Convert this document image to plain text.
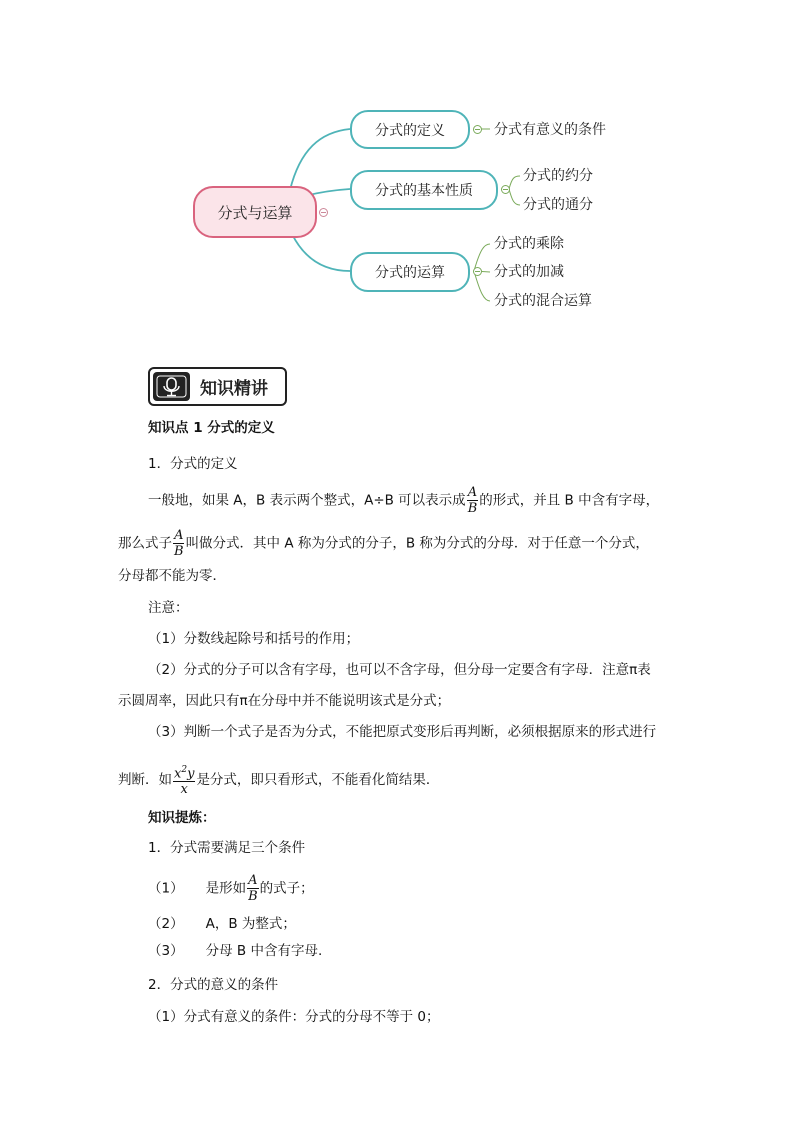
分式与运算
分式的定义	分式有意义的条件
分式的基本性质
分式的约分
分式的通分
分式的运算
分式的乘除
分式的加减
分式的混合运算
知识精讲
知识点 1 分式的定义
1．分式的定义
一般地，如果 A，B 表示两个整式，A÷B 可以表示成 $\frac{A}{B}$ 的形式，并且 B 中含有字母，
那么式子 $\frac{A}{B}$ 叫做分式．其中 A 称为分式的分子，B 称为分式的分母．对于任意一个分式，
分母都不能为零．
注意：
（1）分数线起除号和括号的作用；
（2）分式的分子可以含有字母，也可以不含字母，但分母一定要含有字母．注意π表
示圆周率，因此只有π在分母中并不能说明该式是分式；
（3）判断一个式子是否为分式，不能把原式变形后再判断，必须根据原来的形式进行
判断．如 $\frac{x^2y}{x}$ 是分式，即只看形式，不能看化简结果．
知识提炼：
1．分式需要满足三个条件
（1） 是形如 $\frac{A}{B}$ 的式子；
（2） A，B 为整式；
（3） 分母 B 中含有字母.
2．分式的意义的条件
（1）分式有意义的条件：分式的分母不等于 0；
